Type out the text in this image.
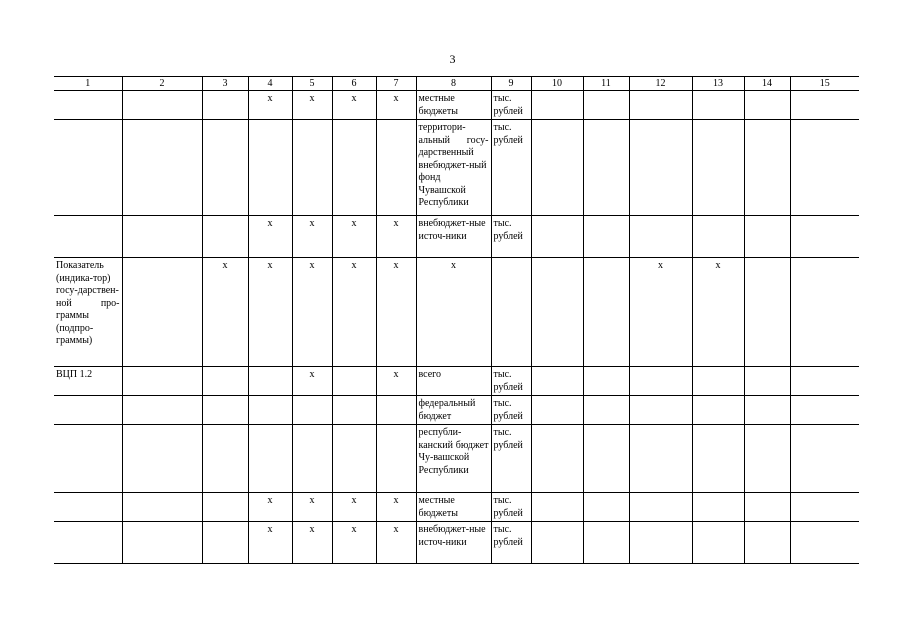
3
1	2	3	4	5	6	7	8	9	10	11	12	13	14	15
			x	x	x	x	местные бюджеты	тыс. рублей						
							территори-альный госу-дарственный внебюджет-ный фонд Чувашской Республики	тыс. рублей						
			x	x	x	x	внебюджет-ные источ-ники	тыс. рублей						
Показатель (индика-тор) госу-дарствен-ной про-граммы (подпро-граммы)		x	x	x	x	x	x				x	x		
ВЦП 1.2				x		x	всего	тыс. рублей						
							федеральный бюджет	тыс. рублей						
							республи-канский бюджет Чу-вашской Республики	тыс. рублей						
			x	x	x	x	местные бюджеты	тыс. рублей						
			x	x	x	x	внебюджет-ные источ-ники	тыс. рублей						
